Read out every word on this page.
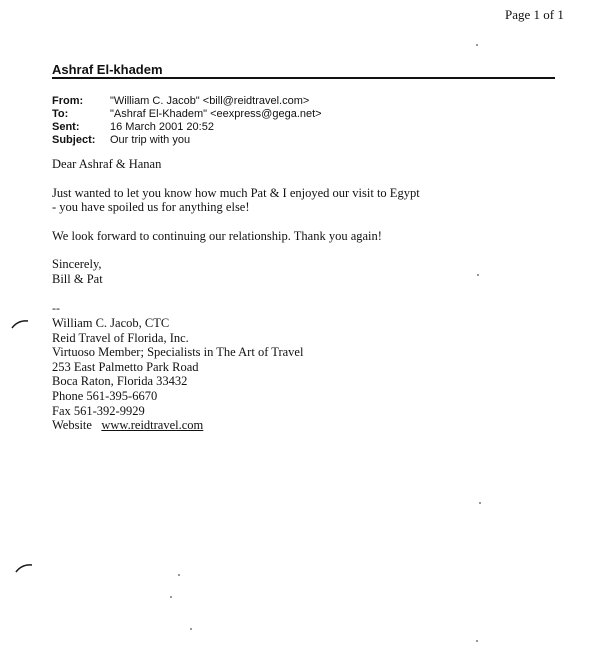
Page 1 of 1
Ashraf El-khadem
From:	"William C. Jacob" <bill@reidtravel.com>
To:	"Ashraf El-Khadem" <eexpress@gega.net>
Sent:	16 March 2001 20:52
Subject:	Our trip with you

Dear Ashraf & Hanan

Just wanted to let you know how much Pat & I enjoyed our visit to Egypt
- you have spoiled us for anything else!

We look forward to continuing our relationship. Thank you again!

Sincerely,
Bill & Pat

--
William C. Jacob, CTC
Reid Travel of Florida, Inc.
Virtuoso Member; Specialists in The Art of Travel
253 East Palmetto Park Road
Boca Raton, Florida 33432
Phone 561-395-6670
Fax 561-392-9929
Website www.reidtravel.com
